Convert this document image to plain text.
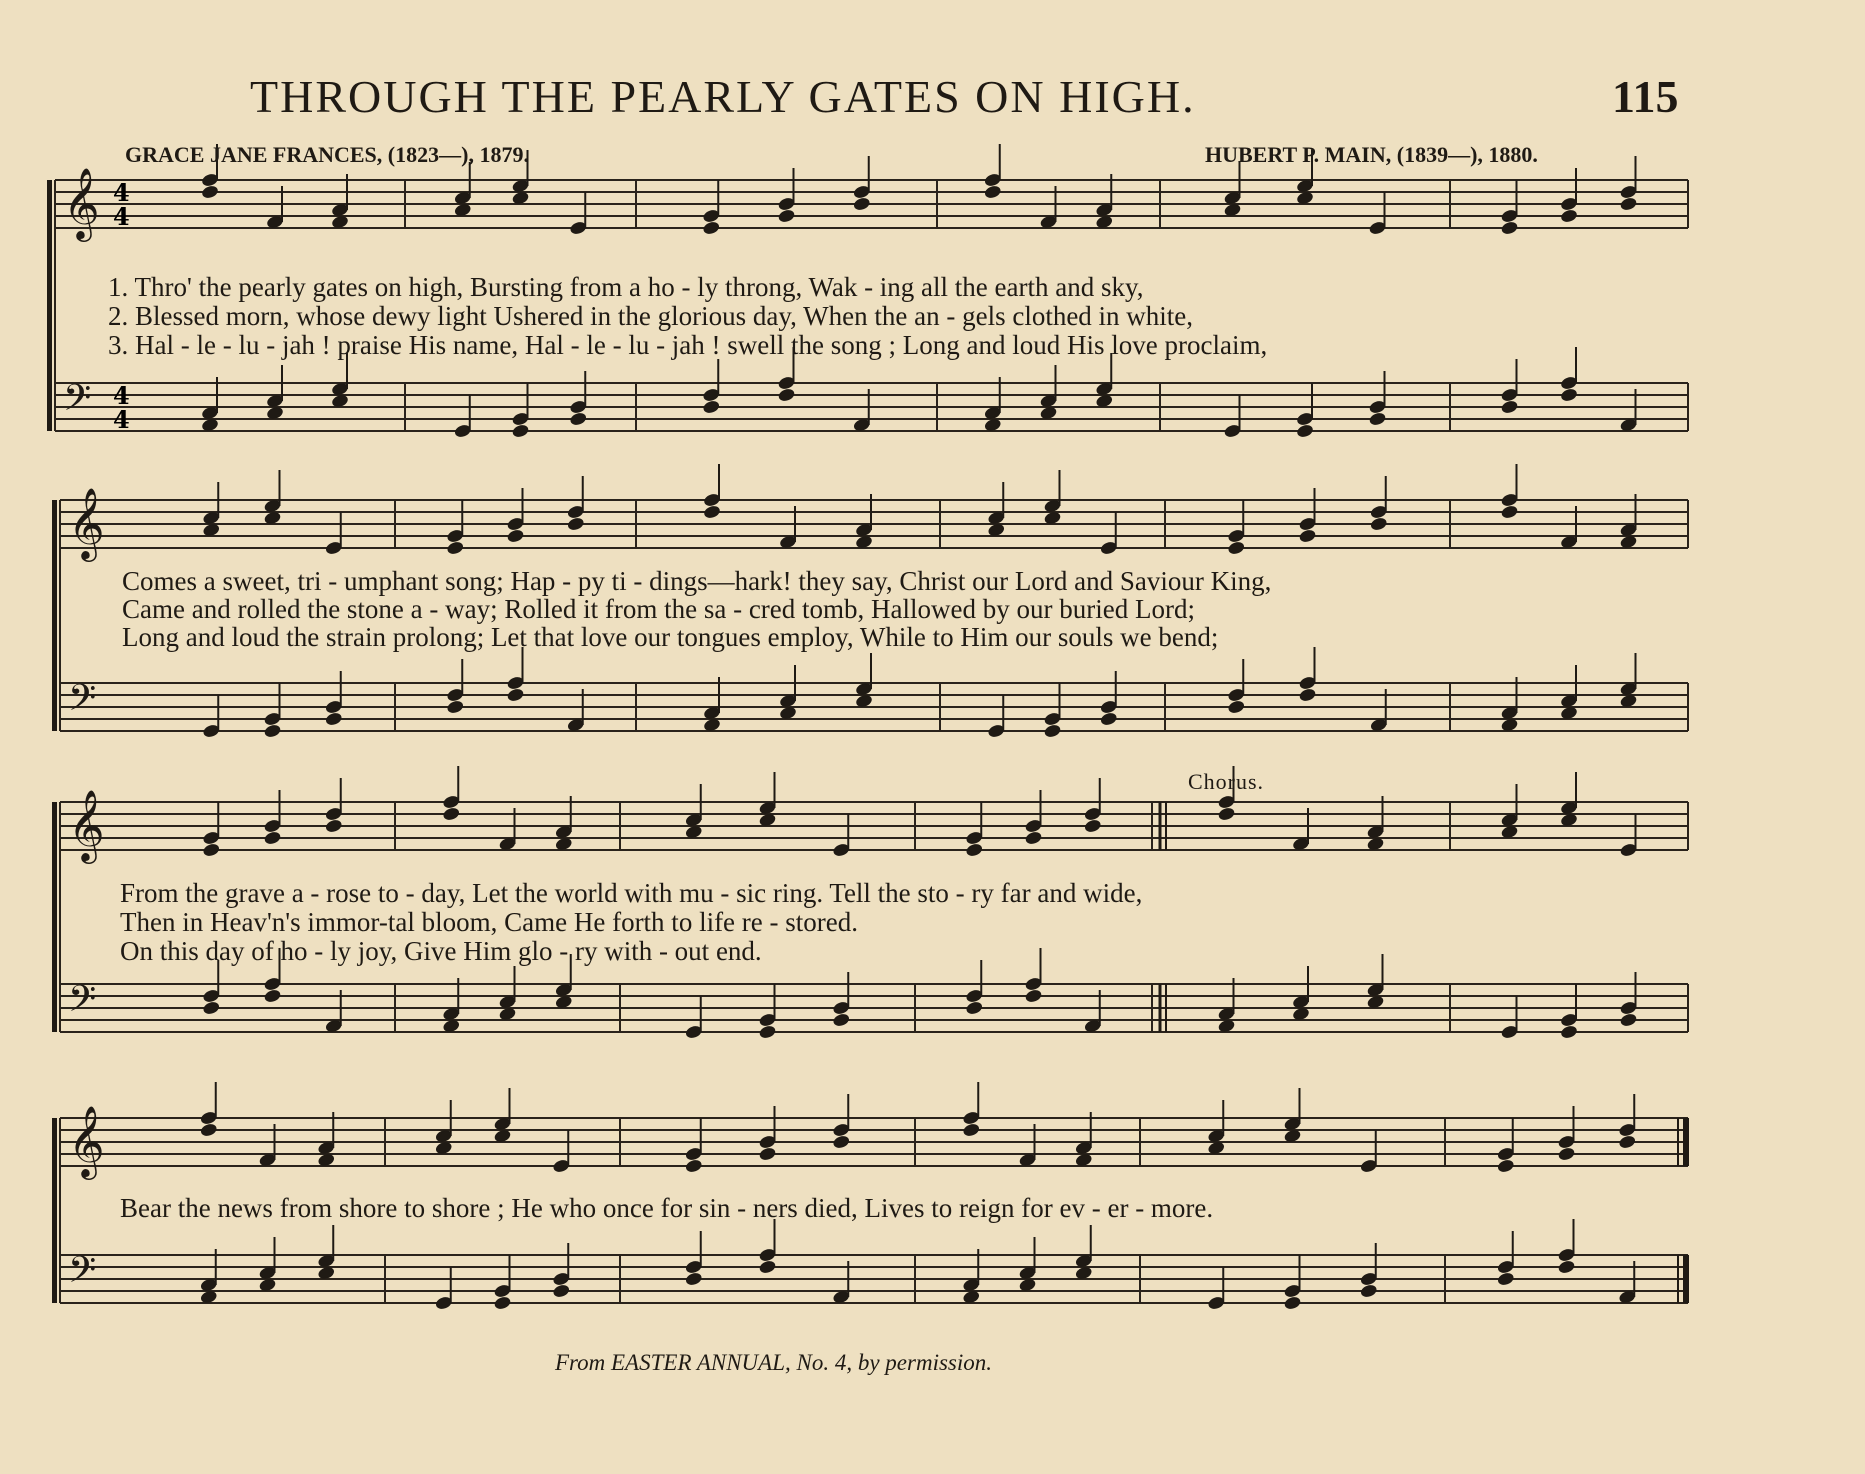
THROUGH THE PEARLY GATES ON HIGH.	115
GRACE JANE FRANCES, (1823—), 1879.	HUBERT P. MAIN, (1839—), 1880.
Chorus.
𝄞
𝄢
4
4
4
4
𝄞
𝄢
𝄞
𝄢
𝄞
𝄢
1. Thro' the pearly gates on high, Bursting from a ho - ly throng, Wak - ing all the earth and sky,
2. Blessed morn, whose dewy light Ushered in the glorious day, When the an - gels clothed in white,
3. Hal - le - lu - jah ! praise His name, Hal - le - lu - jah ! swell the song ; Long and loud His love proclaim,
Comes a sweet, tri - umphant song; Hap - py ti - dings—hark! they say, Christ our Lord and Saviour King,
Came and rolled the stone a - way; Rolled it from the sa - cred tomb, Hallowed by our buried Lord;
Long and loud the strain prolong; Let that love our tongues employ, While to Him our souls we bend;
From the grave a - rose to - day, Let the world with mu - sic ring. Tell the sto - ry far and wide,
Then in Heav'n's immor-tal bloom, Came He forth to life re - stored.
On this day of ho - ly joy, Give Him glo - ry with - out end.
Bear the news from shore to shore ; He who once for sin - ners died, Lives to reign for ev - er - more.
From EASTER ANNUAL, No. 4, by permission.
